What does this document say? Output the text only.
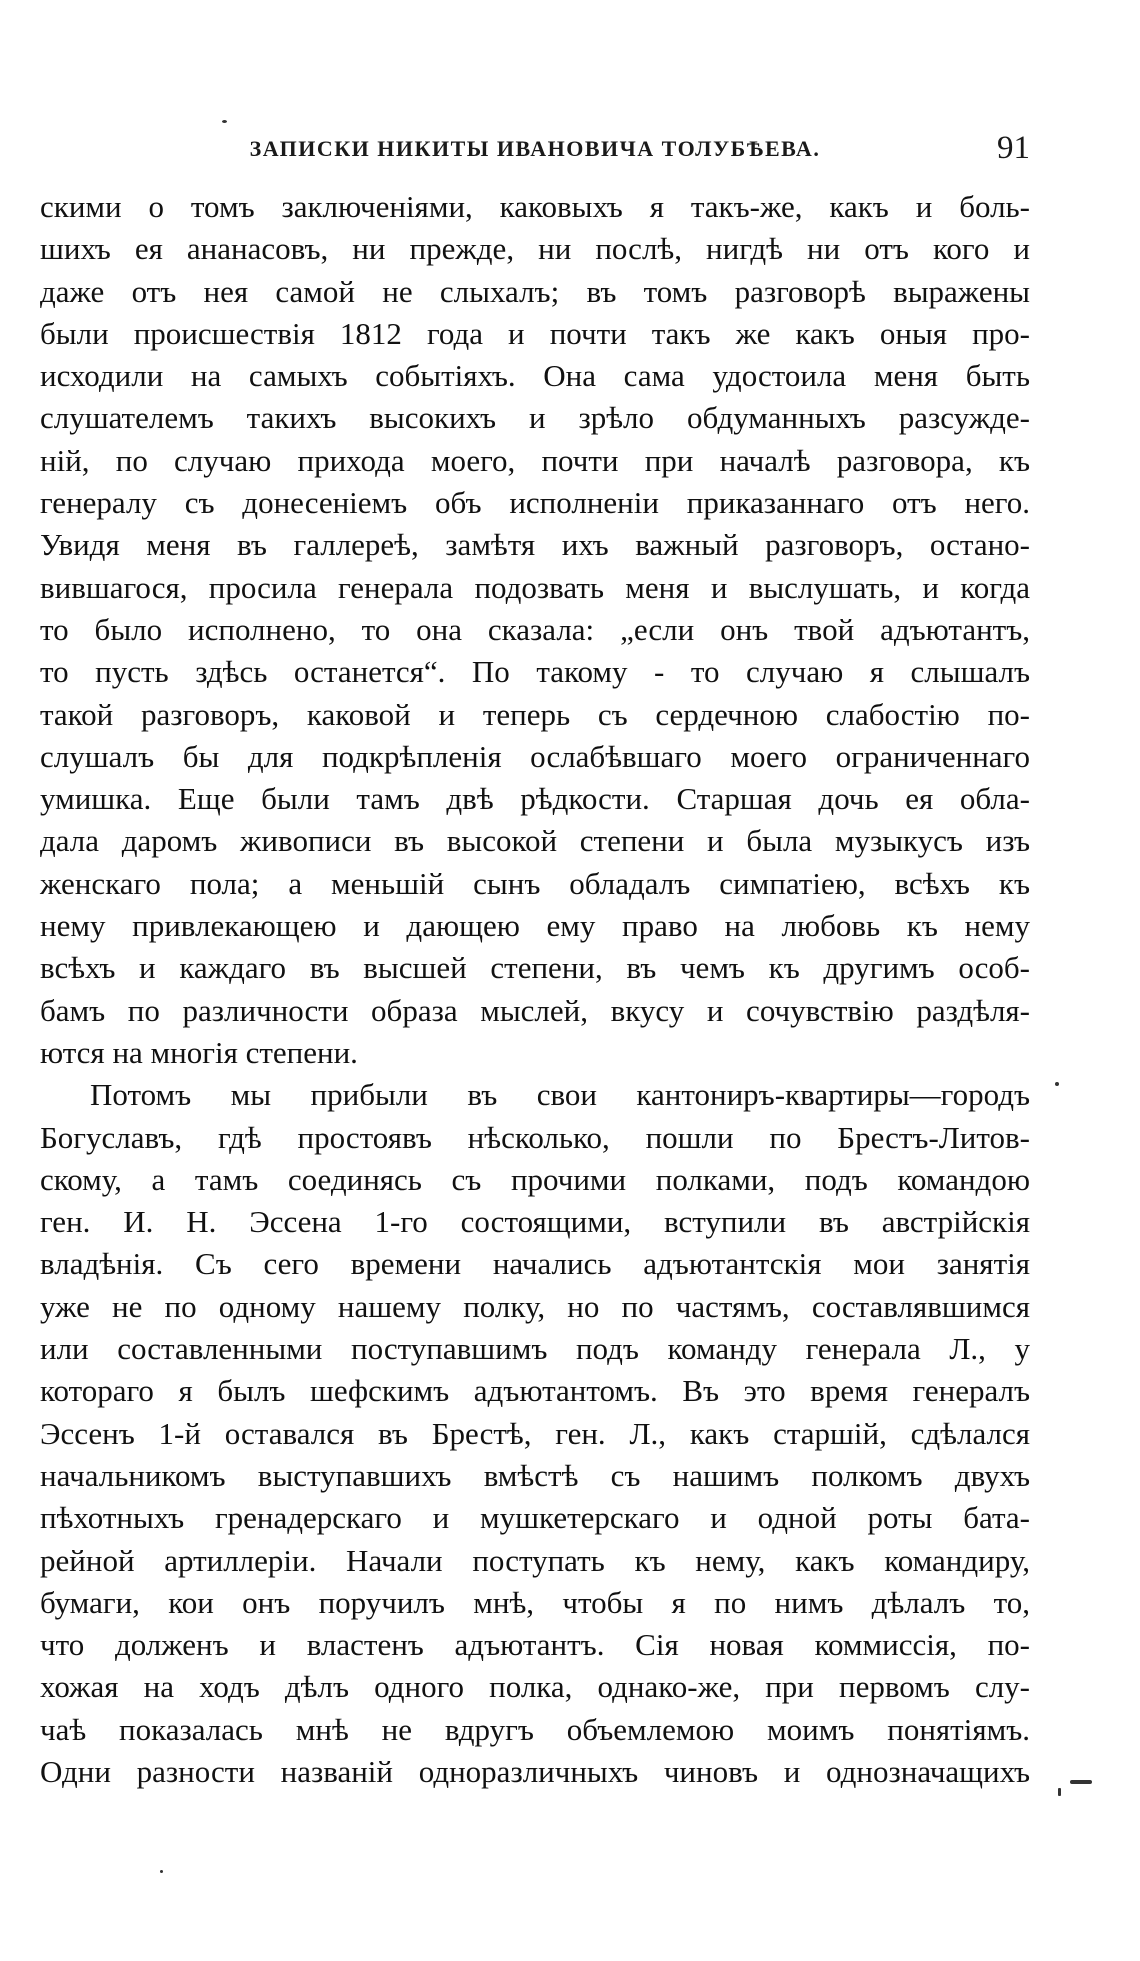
ЗАПИСКИ НИКИТЫ ИВАНОВИЧА ТОЛУБѢЕВА.	91
скими о томъ заключеніями, каковыхъ я такъ-же, какъ и боль-
шихъ ея ананасовъ, ни прежде, ни послѣ, нигдѣ ни отъ кого и
даже отъ нея самой не слыхалъ; въ томъ разговорѣ выражены
были происшествія 1812 года и почти такъ же какъ оныя про-
исходили на самыхъ событіяхъ. Она сама удостоила меня быть
слушателемъ такихъ высокихъ и зрѣло обдуманныхъ разсужде-
ній, по случаю прихода моего, почти при началѣ разговора, къ
генералу съ донесеніемъ объ исполненіи приказаннаго отъ него.
Увидя меня въ галлереѣ, замѣтя ихъ важный разговоръ, остано-
вившагося, просила генерала подозвать меня и выслушать, и когда
то было исполнено, то она сказала: „если онъ твой адъютантъ,
то пусть здѣсь останется“. По такому - то случаю я слышалъ
такой разговоръ, каковой и теперь съ сердечною слабостію по-
слушалъ бы для подкрѣпленія ослабѣвшаго моего ограниченнаго
умишка. Еще были тамъ двѣ рѣдкости. Старшая дочь ея обла-
дала даромъ живописи въ высокой степени и была музыкусъ изъ
женскаго пола; а меньшій сынъ обладалъ симпатіею, всѣхъ къ
нему привлекающею и дающею ему право на любовь къ нему
всѣхъ и каждаго въ высшей степени, въ чемъ къ другимъ особ-
бамъ по различности образа мыслей, вкусу и сочувствію раздѣля-
ются на многія степени.
Потомъ мы прибыли въ свои кантониръ-квартиры—городъ
Богуславъ, гдѣ простоявъ нѣсколько, пошли по Брестъ-Литов-
скому, а тамъ соединясь съ прочими полками, подъ командою
ген. И. Н. Эссена 1-го состоящими, вступили въ австрійскія
владѣнія. Съ сего времени начались адъютантскія мои занятія
уже не по одному нашему полку, но по частямъ, составлявшимся
или составленными поступавшимъ подъ команду генерала Л., у
котораго я былъ шефскимъ адъютантомъ. Въ это время генералъ
Эссенъ 1-й оставался въ Брестѣ, ген. Л., какъ старшій, сдѣлался
начальникомъ выступавшихъ вмѣстѣ съ нашимъ полкомъ двухъ
пѣхотныхъ гренадерскаго и мушкетерскаго и одной роты бата-
рейной артиллеріи. Начали поступать къ нему, какъ командиру,
бумаги, кои онъ поручилъ мнѣ, чтобы я по нимъ дѣлалъ то,
что долженъ и властенъ адъютантъ. Сія новая коммиссія, по-
хожая на ходъ дѣлъ одного полка, однако-же, при первомъ слу-
чаѣ показалась мнѣ не вдругъ объемлемою моимъ понятіямъ.
Одни разности названій одноразличныхъ чиновъ и однозначащихъ
